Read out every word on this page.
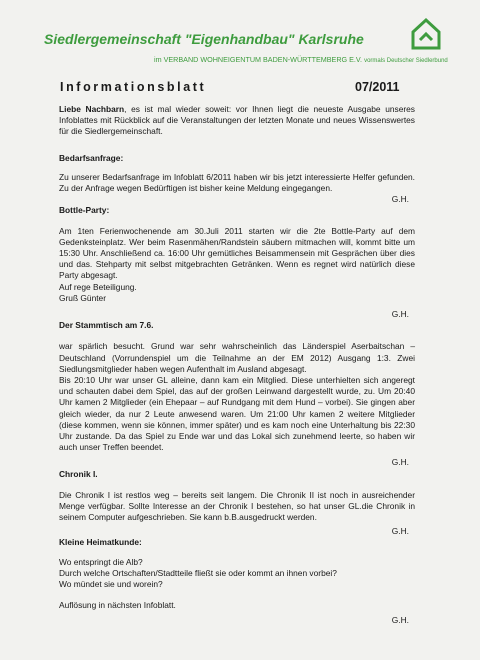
Siedlergemeinschaft "Eigenhandbau" Karlsruhe
im VERBAND WOHNEIGENTUM BADEN-WÜRTTEMBERG E.V. vormals Deutscher Siedlerbund
Informationsblatt	07/2011

Liebe Nachbarn, es ist mal wieder soweit: vor Ihnen liegt die neueste Ausgabe unseres Infoblattes mit Rückblick auf die Veranstaltungen der letzten Monate und neues Wissenswertes für die Siedlergemeinschaft.

Bedarfsanfrage:

Zu unserer Bedarfsanfrage im Infoblatt 6/2011 haben wir bis jetzt interessierte Helfer gefunden. Zu der Anfrage wegen Bedürftigen ist bisher keine Meldung eingegangen.

G.H.

Bottle-Party:

Am 1ten Ferienwochenende am 30.Juli 2011 starten wir die 2te Bottle-Party auf dem Gedenksteinplatz. Wer beim Rasenmähen/Randstein säubern mitmachen will, kommt bitte um 15:30 Uhr. Anschließend ca. 16:00 Uhr gemütliches Beisammensein mit Gesprächen über dies und das. Stehparty mit selbst mitgebrachten Getränken. Wenn es regnet wird natürlich diese Party abgesagt.

Auf rege Beteiligung.

Gruß Günter

G.H.

Der Stammtisch am 7.6.

war spärlich besucht. Grund war sehr wahrscheinlich das Länderspiel Aserbaitschan – Deutschland (Vorrundenspiel um die Teilnahme an der EM 2012) Ausgang 1:3. Zwei Siedlungsmitglieder haben wegen Aufenthalt im Ausland abgesagt.

Bis 20:10 Uhr war unser GL alleine, dann kam ein Mitglied. Diese unterhielten sich angeregt und schauten dabei dem Spiel, das auf der großen Leinwand dargestellt wurde, zu. Um 20:40 Uhr kamen 2 Mitglieder (ein Ehepaar – auf Rundgang mit dem Hund – vorbei). Sie gingen aber gleich wieder, da nur 2 Leute anwesend waren. Um 21:00 Uhr kamen 2 weitere Mitglieder (diese kommen, wenn sie können, immer später) und es kam noch eine Unterhaltung bis 22:30 Uhr zustande. Da das Spiel zu Ende war und das Lokal sich zunehmend leerte, so haben wir auch unser Treffen beendet.

G.H.

Chronik I.

Die Chronik I ist restlos weg – bereits seit langem. Die Chronik II ist noch in ausreichender Menge verfügbar. Sollte Interesse an der Chronik I bestehen, so hat unser GL.die Chronik in seinem Computer aufgeschrieben. Sie kann b.B.ausgedruckt werden.

G.H.

Kleine Heimatkunde:

Wo entspringt die Alb?

Durch welche Ortschaften/Stadtteile fließt sie oder kommt an ihnen vorbei?

Wo mündet sie und worein?

Auflösung in nächsten Infoblatt.

G.H.
